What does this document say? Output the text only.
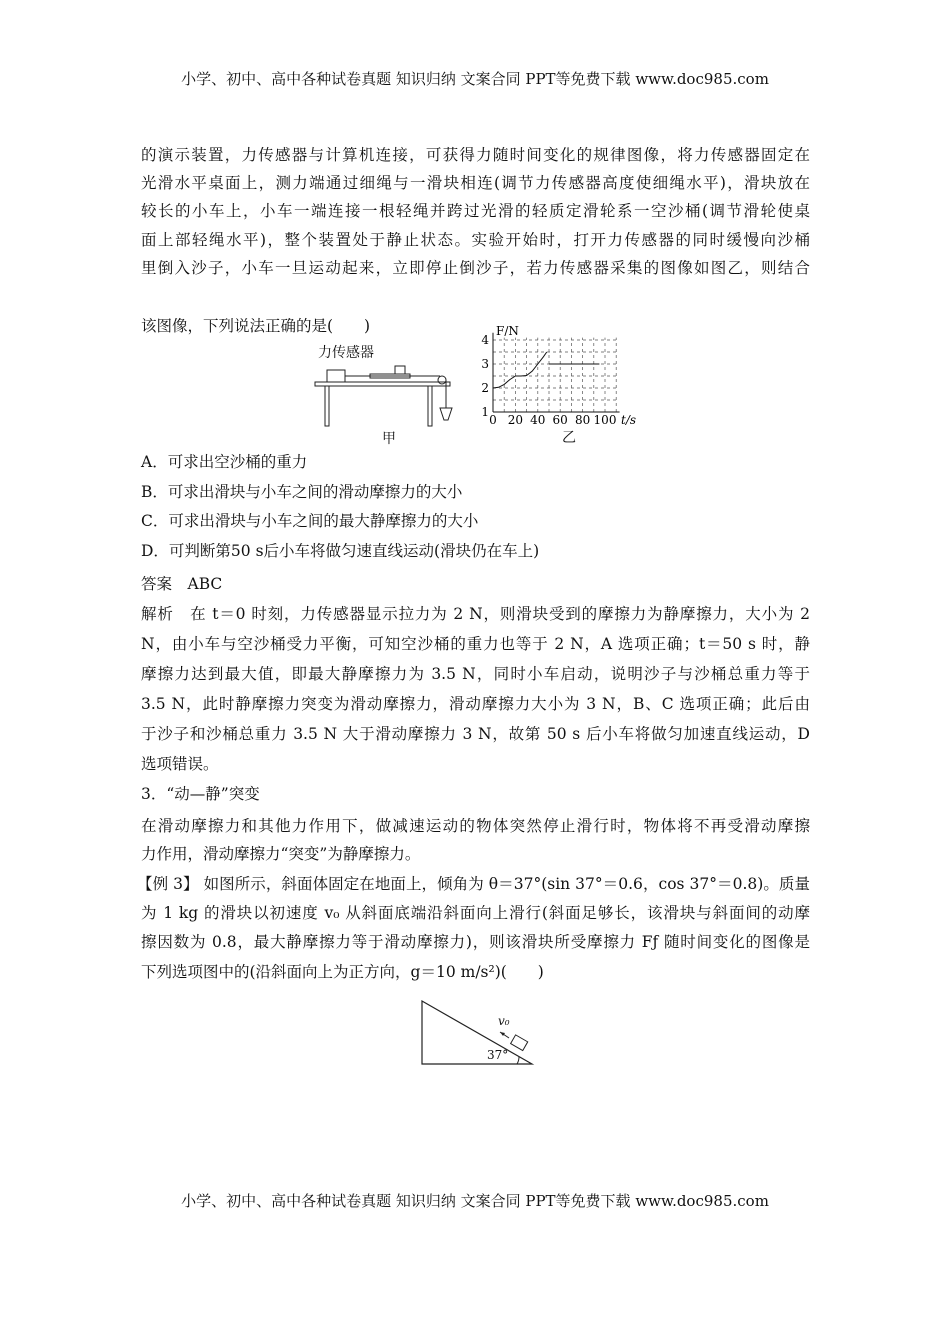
小学、初中、高中各种试卷真题 知识归纳 文案合同 PPT等免费下载 www.doc985.com
的演示装置，力传感器与计算机连接，可获得力随时间变化的规律图像，将力传感器固定在
光滑水平桌面上，测力端通过细绳与一滑块相连(调节力传感器高度使细绳水平)，滑块放在
较长的小车上，小车一端连接一根轻绳并跨过光滑的轻质定滑轮系一空沙桶(调节滑轮使桌
面上部轻绳水平)，整个装置处于静止状态。实验开始时，打开力传感器的同时缓慢向沙桶
里倒入沙子，小车一旦运动起来，立即停止倒沙子，若力传感器采集的图像如图乙，则结合
该图像，下列说法正确的是(　　)
力传感器
甲
0 20 40 60 80 100
1
2
3
4
t/s
F/N
乙
A．可求出空沙桶的重力
B．可求出滑块与小车之间的滑动摩擦力的大小
C．可求出滑块与小车之间的最大静摩擦力的大小
D．可判断第50 s后小车将做匀速直线运动(滑块仍在车上)
答案　ABC
解析　在 t＝0 时刻，力传感器显示拉力为 2 N，则滑块受到的摩擦力为静摩擦力，大小为 2
N，由小车与空沙桶受力平衡，可知空沙桶的重力也等于 2 N，A 选项正确；t＝50 s 时，静
摩擦力达到最大值，即最大静摩擦力为 3.5 N，同时小车启动，说明沙子与沙桶总重力等于
3.5 N，此时静摩擦力突变为滑动摩擦力，滑动摩擦力大小为 3 N，B、C 选项正确；此后由
于沙子和沙桶总重力 3.5 N 大于滑动摩擦力 3 N，故第 50 s 后小车将做匀加速直线运动，D
选项错误。
3．“动—静”突变
在滑动摩擦力和其他力作用下，做减速运动的物体突然停止滑行时，物体将不再受滑动摩擦
力作用，滑动摩擦力“突变”为静摩擦力。
【例 3】 如图所示，斜面体固定在地面上，倾角为 θ＝37°(sin 37°＝0.6，cos 37°＝0.8)。质量
为 1 kg 的滑块以初速度 v₀ 从斜面底端沿斜面向上滑行(斜面足够长，该滑块与斜面间的动摩
擦因数为 0.8，最大静摩擦力等于滑动摩擦力)，则该滑块所受摩擦力 Fƒ 随时间变化的图像是
下列选项图中的(沿斜面向上为正方向，g＝10 m/s²)(　　)
v₀
37°
小学、初中、高中各种试卷真题 知识归纳 文案合同 PPT等免费下载 www.doc985.com
